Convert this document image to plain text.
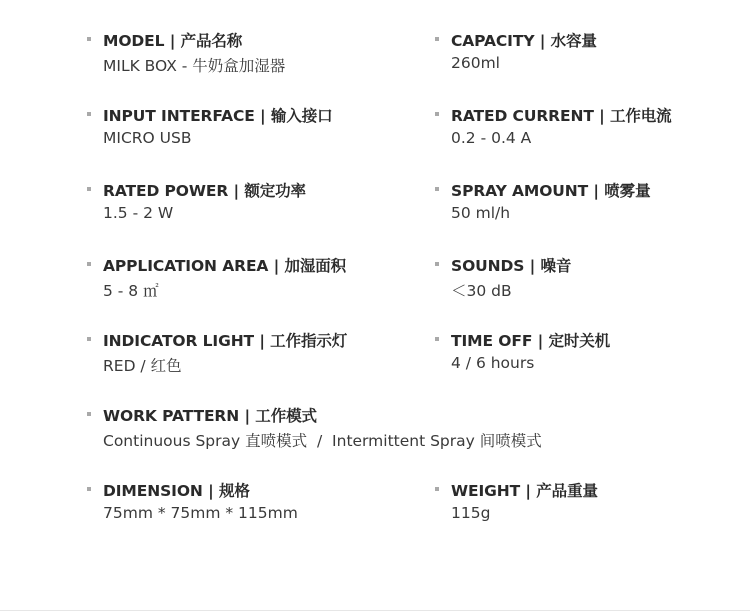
MODEL | 产品名称
MILK BOX - 牛奶盒加湿器
CAPACITY | 水容量
260ml
INPUT INTERFACE | 输入接口
MICRO USB
RATED CURRENT | 工作电流
0.2 - 0.4 A
RATED POWER | 额定功率
1.5 - 2 W
SPRAY AMOUNT | 喷雾量
50 ml/h
APPLICATION AREA | 加湿面积
5 - 8 ㎡
SOUNDS | 噪音
＜30 dB
INDICATOR LIGHT | 工作指示灯
RED / 红色
TIME OFF | 定时关机
4 / 6 hours
WORK PATTERN | 工作模式
Continuous Spray 直喷模式  /  Intermittent Spray 间喷模式
DIMENSION | 规格
75mm * 75mm * 115mm
WEIGHT | 产品重量
115g
